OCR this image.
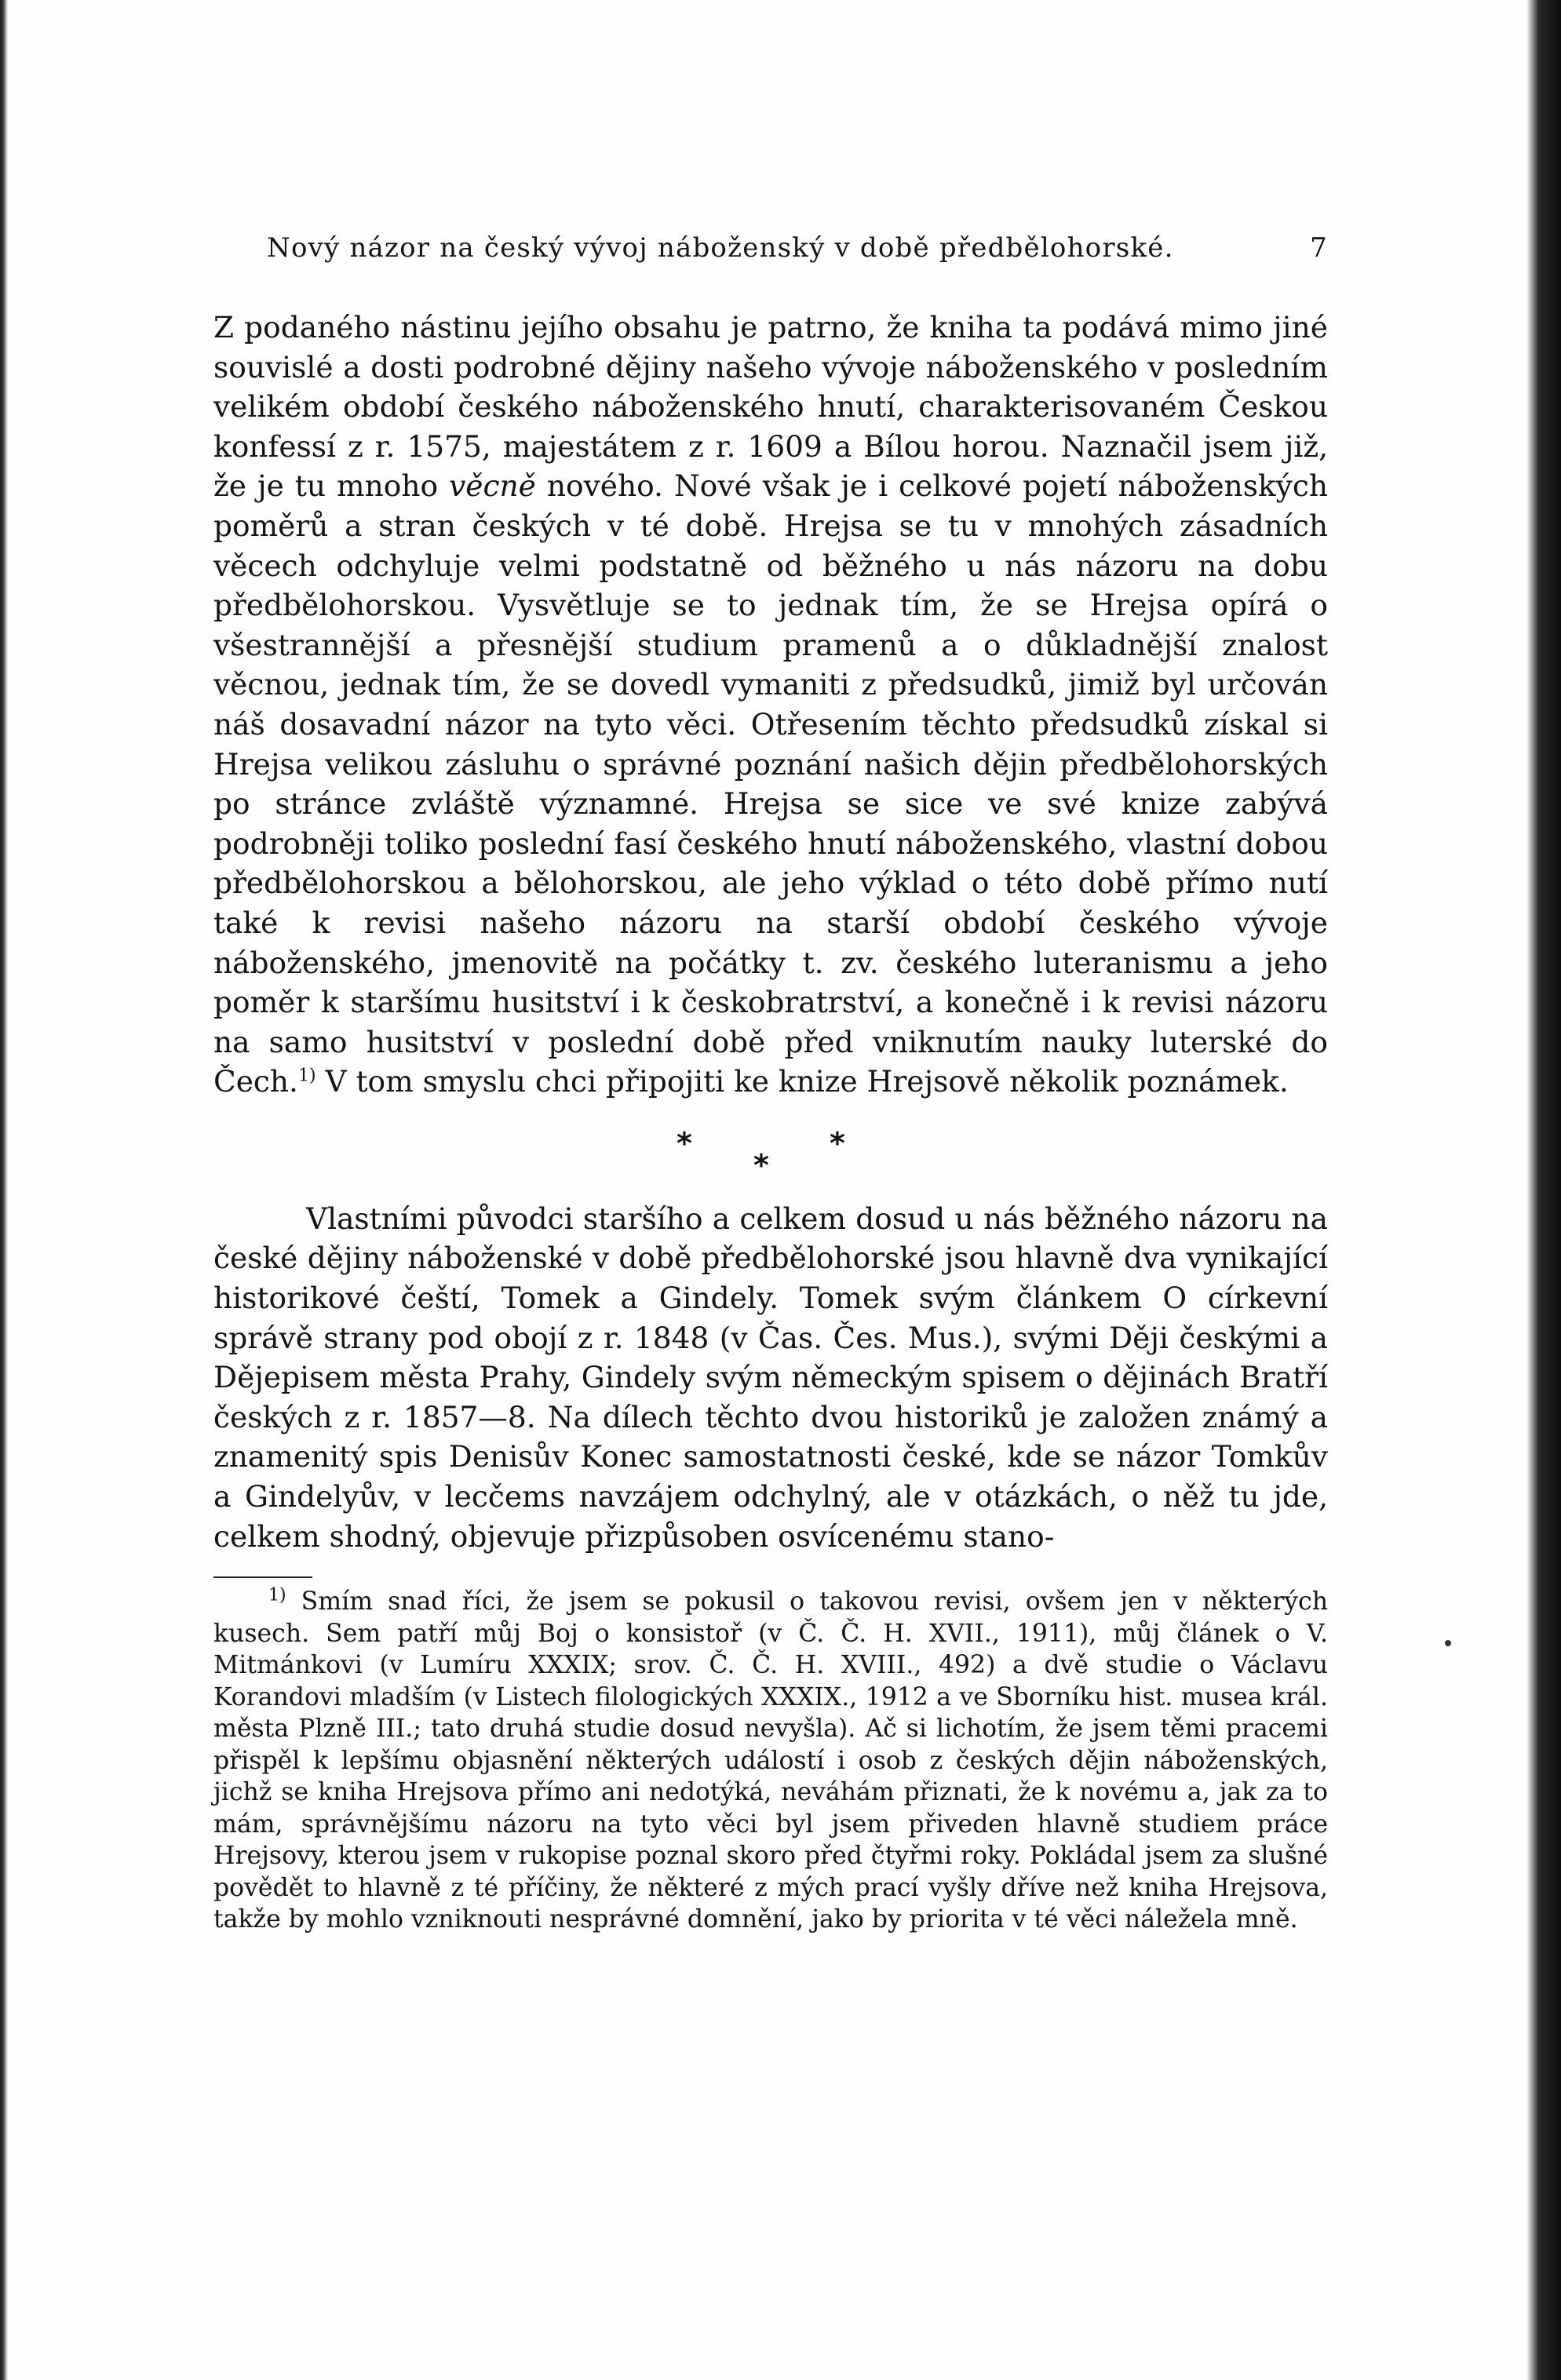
Nový názor na český vývoj náboženský v době předbělohorské.	7

Z podaného nástinu jejího obsahu je patrno, že kniha ta podává mimo jiné souvislé a dosti podrobné dějiny našeho vývoje náboženského v posledním velikém období českého náboženského hnutí, charakterisovaném Českou konfessí z r. 1575, majestátem z r. 1609 a Bílou horou. Naznačil jsem již, že je tu mnoho věcně nového. Nové však je i celkové pojetí náboženských poměrů a stran českých v té době. Hrejsa se tu v mnohých zásadních věcech odchyluje velmi podstatně od běžného u nás názoru na dobu předbělohorskou. Vysvětluje se to jednak tím, že se Hrejsa opírá o všestrannější a přesnější studium pramenů a o důkladnější znalost věcnou, jednak tím, že se dovedl vymaniti z předsudků, jimiž byl určován náš dosavadní názor na tyto věci. Otřesením těchto předsudků získal si Hrejsa velikou zásluhu o správné poznání našich dějin předbělohorských po stránce zvláště významné. Hrejsa se sice ve své knize zabývá podrobněji toliko poslední fasí českého hnutí náboženského, vlastní dobou předbělohorskou a bělohorskou, ale jeho výklad o této době přímo nutí také k revisi našeho názoru na starší období českého vývoje náboženského, jmenovitě na počátky t. zv. českého luteranismu a jeho poměr k staršímu husitství i k českobratrství, a konečně i k revisi názoru na samo husitství v poslední době před vniknutím nauky luterské do Čech.$^{1)}$ V tom smyslu chci připojiti ke knize Hrejsově několik poznámek.

*
*
*

Vlastními původci staršího a celkem dosud u nás běžného názoru na české dějiny náboženské v době předbělohorské jsou hlavně dva vynikající historikové čeští, Tomek a Gindely. Tomek svým článkem O církevní správě strany pod obojí z r. 1848 (v Čas. Čes. Mus.), svými Ději českými a Dějepisem města Prahy, Gindely svým německým spisem o dějinách Bratří českých z r. 1857—8. Na dílech těchto dvou historiků je založen známý a znamenitý spis Denisův Konec samostatnosti české, kde se názor Tomkův a Gindelyův, v lecčems navzájem odchylný, ale v otázkách, o něž tu jde, celkem shodný, objevuje přizpůsoben osvícenému stano-

$^{1)}$ Smím snad říci, že jsem se pokusil o takovou revisi, ovšem jen v některých kusech. Sem patří můj Boj o konsistoř (v Č. Č. H. XVII., 1911), můj článek o V. Mitmánkovi (v Lumíru XXXIX; srov. Č. Č. H. XVIII., 492) a dvě studie o Václavu Korandovi mladším (v Listech filologických XXXIX., 1912 a ve Sborníku hist. musea král. města Plzně III.; tato druhá studie dosud nevyšla). Ač si lichotím, že jsem těmi pracemi přispěl k lepšímu objasnění některých událostí i osob z českých dějin náboženských, jichž se kniha Hrejsova přímo ani nedotýká, neváhám přiznati, že k novému a, jak za to mám, správnějšímu názoru na tyto věci byl jsem přiveden hlavně studiem práce Hrejsovy, kterou jsem v rukopise poznal skoro před čtyřmi roky. Pokládal jsem za slušné povědět to hlavně z té příčiny, že některé z mých prací vyšly dříve než kniha Hrejsova, takže by mohlo vzniknouti nesprávné domnění, jako by priorita v té věci náležela mně.
